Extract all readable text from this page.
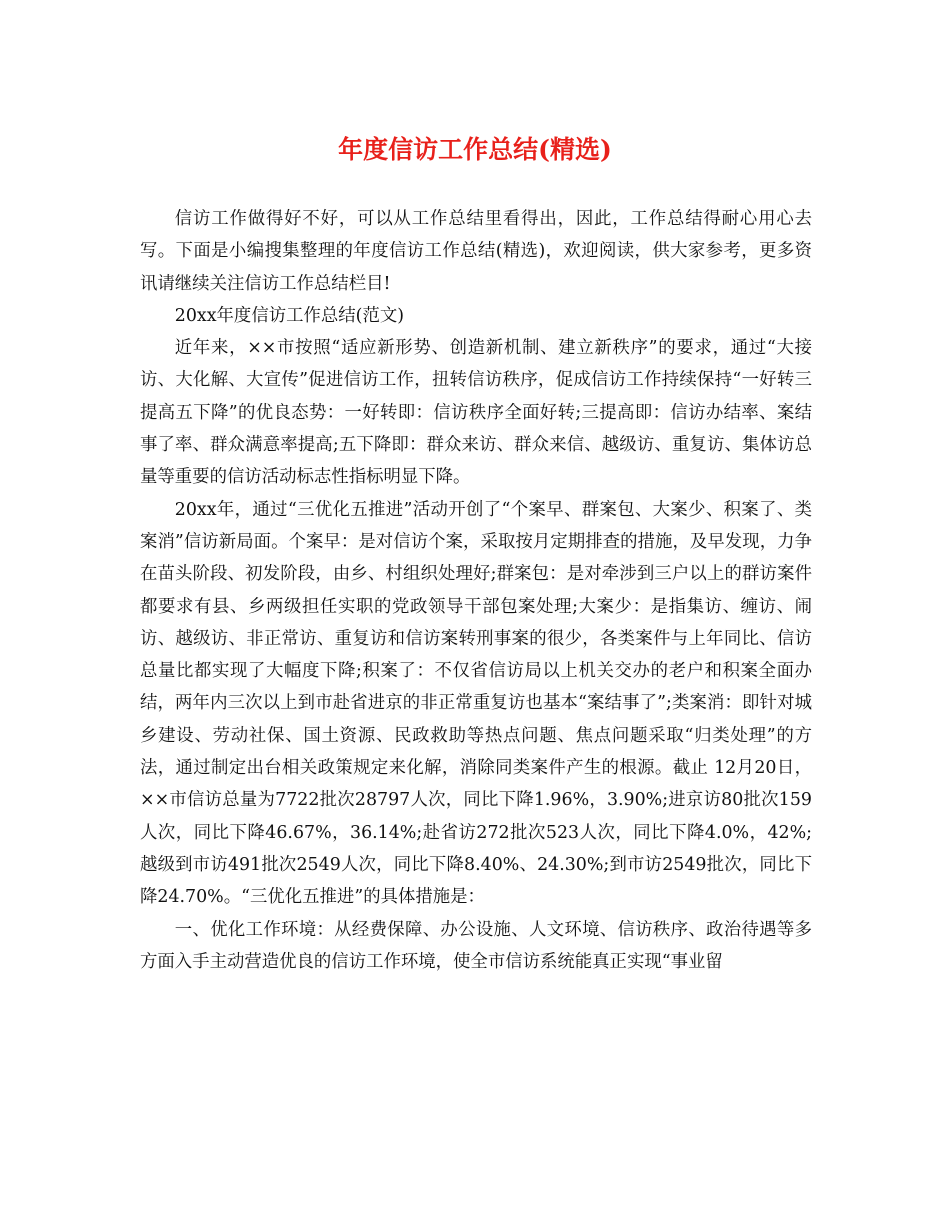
年度信访工作总结(精选)

信访工作做得好不好，可以从工作总结里看得出，因此，工作总结得耐心用心去写。下面是小编搜集整理的年度信访工作总结(精选)，欢迎阅读，供大家参考，更多资讯请继续关注信访工作总结栏目!

20xx年度信访工作总结(范文)

近年来，××市按照“适应新形势、创造新机制、建立新秩序”的要求，通过“大接访、大化解、大宣传”促进信访工作，扭转信访秩序，促成信访工作持续保持“一好转三提高五下降”的优良态势：一好转即：信访秩序全面好转;三提高即：信访办结率、案结事了率、群众满意率提高;五下降即：群众来访、群众来信、越级访、重复访、集体访总量等重要的信访活动标志性指标明显下降。

20xx年，通过“三优化五推进”活动开创了“个案早、群案包、大案少、积案了、类案消”信访新局面。个案早：是对信访个案，采取按月定期排查的措施，及早发现，力争在苗头阶段、初发阶段，由乡、村组织处理好;群案包：是对牵涉到三户以上的群访案件都要求有县、乡两级担任实职的党政领导干部包案处理;大案少：是指集访、缠访、闹访、越级访、非正常访、重复访和信访案转刑事案的很少，各类案件与上年同比、信访总量比都实现了大幅度下降;积案了：不仅省信访局以上机关交办的老户和积案全面办结，两年内三次以上到市赴省进京的非正常重复访也基本“案结事了”;类案消：即针对城乡建设、劳动社保、国土资源、民政救助等热点问题、焦点问题采取“归类处理”的方法，通过制定出台相关政策规定来化解，消除同类案件产生的根源。截止 12月20日，××市信访总量为7722批次28797人次，同比下降1.96%，3.90%;进京访80批次159人次，同比下降46.67%，36.14%;赴省访272批次523人次，同比下降4.0%，42%;越级到市访491批次2549人次，同比下降8.40%、24.30%;到市访2549批次，同比下降24.70%。“三优化五推进”的具体措施是：

一、优化工作环境：从经费保障、办公设施、人文环境、信访秩序、政治待遇等多方面入手主动营造优良的信访工作环境，使全市信访系统能真正实现“事业留
